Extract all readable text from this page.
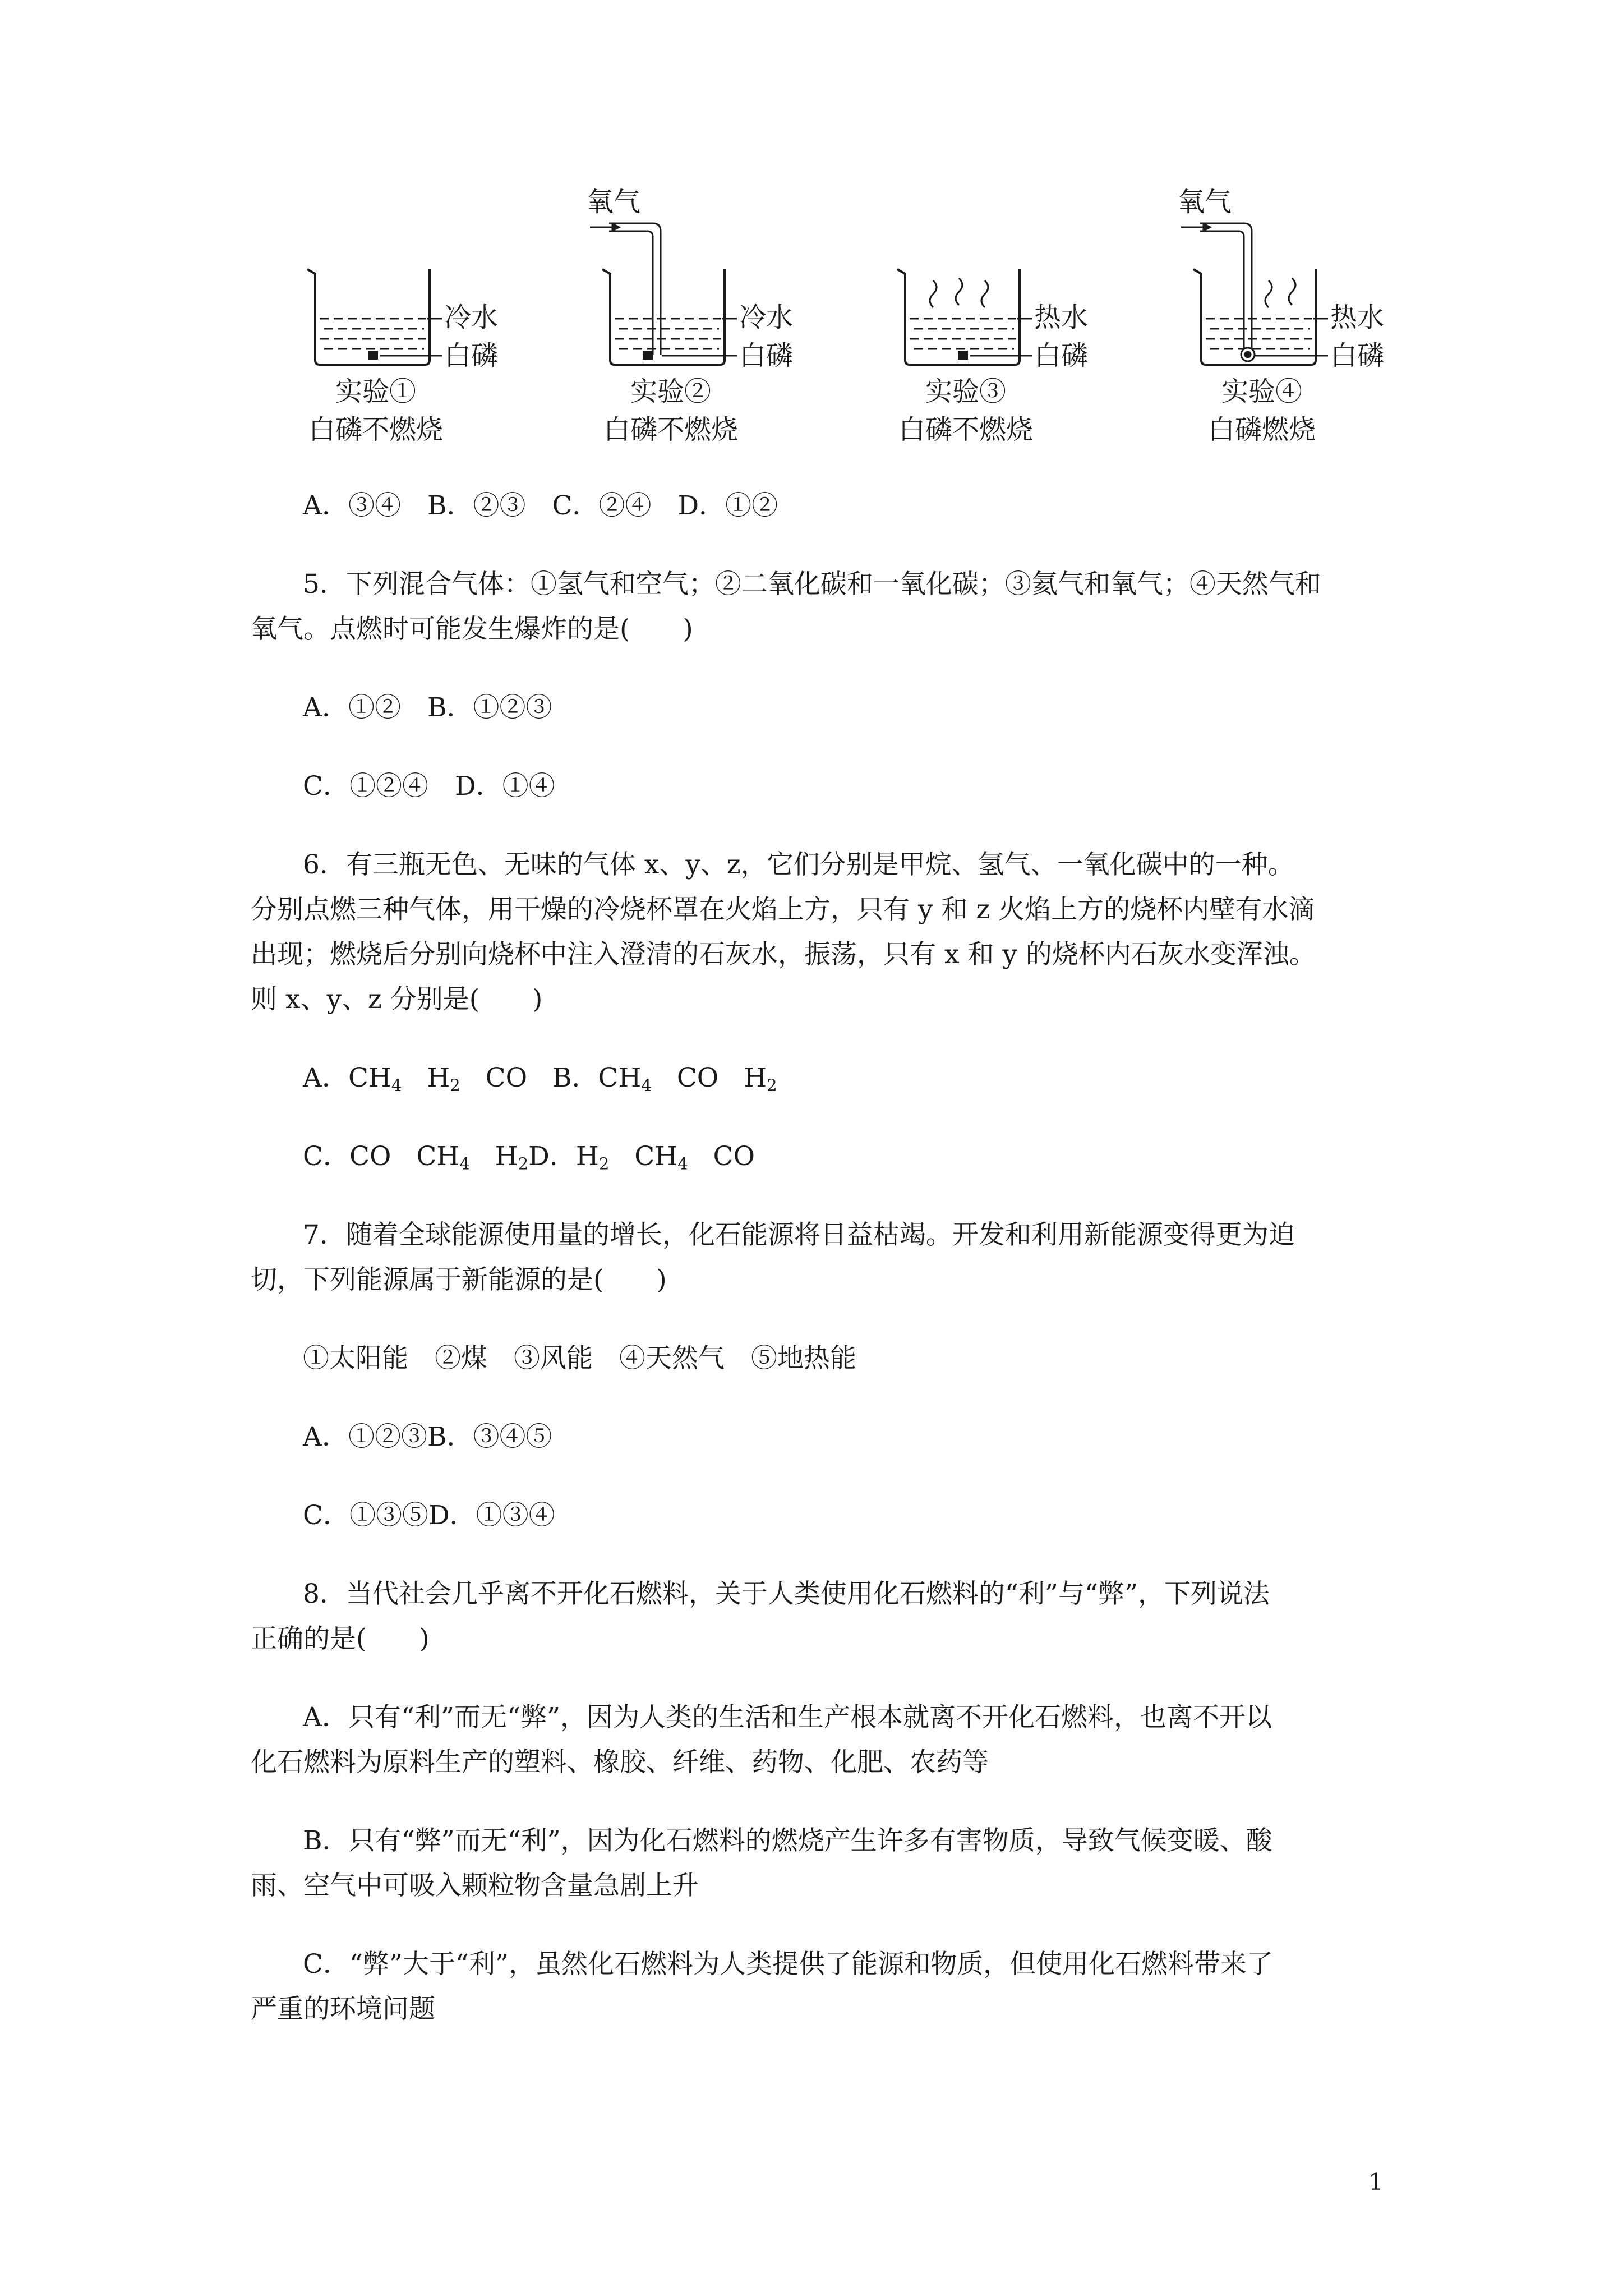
冷水
白磷
实验①
白磷不燃烧
氧气
冷水
白磷
实验②
白磷不燃烧
热水
白磷
实验③
白磷不燃烧
氧气
热水
白磷
实验④
白磷燃烧
A．③④　B．②③　C．②④　D．①②
5．下列混合气体：①氢气和空气；②二氧化碳和一氧化碳；③氦气和氧气；④天然气和
氧气。点燃时可能发生爆炸的是(　　)
A．①②　B．①②③
C．①②④　D．①④
6．有三瓶无色、无味的气体 x、y、z，它们分别是甲烷、氢气、一氧化碳中的一种。
分别点燃三种气体，用干燥的冷烧杯罩在火焰上方，只有 y 和 z 火焰上方的烧杯内壁有水滴
出现；燃烧后分别向烧杯中注入澄清的石灰水，振荡，只有 x 和 y 的烧杯内石灰水变浑浊。
则 x、y、z 分别是(　　)
A．$CH_4$ $H_2$ CO B．$CH_4$ CO $H_2$
C．CO $CH_4$ $H_2D$．$H_2$ $CH_4$ CO
7．随着全球能源使用量的增长，化石能源将日益枯竭。开发和利用新能源变得更为迫
切，下列能源属于新能源的是(　　)
①太阳能　②煤　③风能　④天然气　⑤地热能
A．①②③B．③④⑤
C．①③⑤D．①③④
8．当代社会几乎离不开化石燃料，关于人类使用化石燃料的“利”与“弊”，下列说法
正确的是(　　)
A．只有“利”而无“弊”，因为人类的生活和生产根本就离不开化石燃料，也离不开以
化石燃料为原料生产的塑料、橡胶、纤维、药物、化肥、农药等
B．只有“弊”而无“利”，因为化石燃料的燃烧产生许多有害物质，导致气候变暖、酸
雨、空气中可吸入颗粒物含量急剧上升
C．“弊”大于“利”，虽然化石燃料为人类提供了能源和物质，但使用化石燃料带来了
严重的环境问题
1
